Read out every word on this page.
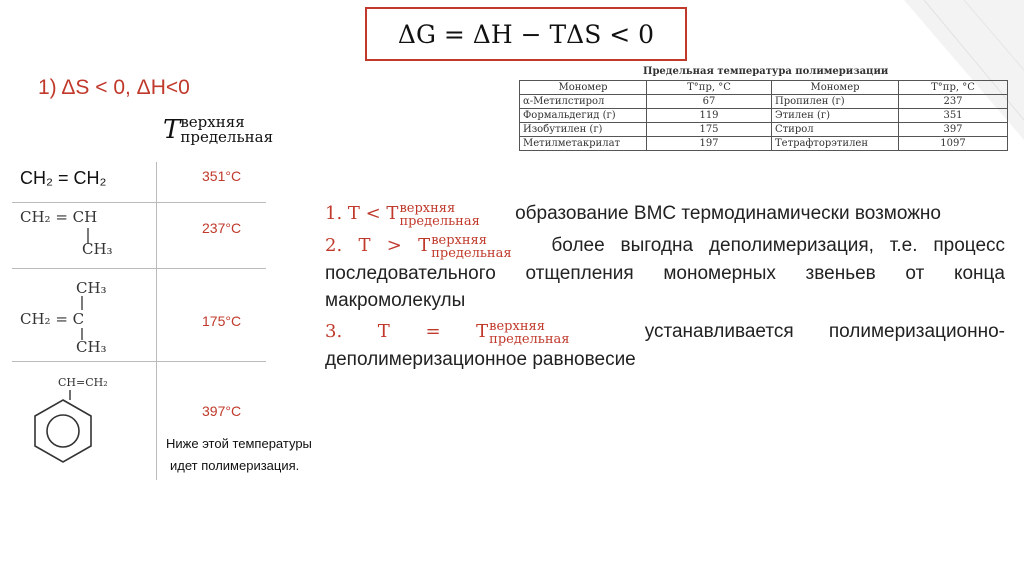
ΔG = ΔH − TΔS < 0
1) ΔS < 0, ΔH<0
T верхняя
предельная
CH₂ = CH₂	351°C
CH₂ = CH
CH₃
237°C
CH₃
CH₂ = C
CH₃
175°C
CH=CH₂
397°C
Ниже этой температуры
идет полимеризация.
Предельная температура полимеризации
Мономер	T°пр, °C	Мономер	T°пр, °C
α-Метилстирол	67	Пропилен (г)	237
Формальдегид (г)	119	Этилен (г)	351
Изобутилен (г)	175	Стирол	397
Метилметакрилат	197	Тетрафторэтилен	1097
1. T < T верхняя
предельная образование ВМС термодинамически возможно
2. T > T верхняя
предельная более выгодна деполимеризация, т.е. процесс последовательного отщепления мономерных звеньев от конца макромолекулы
3. T = T верхняя
предельная	устанавливается полимеризационно-деполимеризационное равновесие
